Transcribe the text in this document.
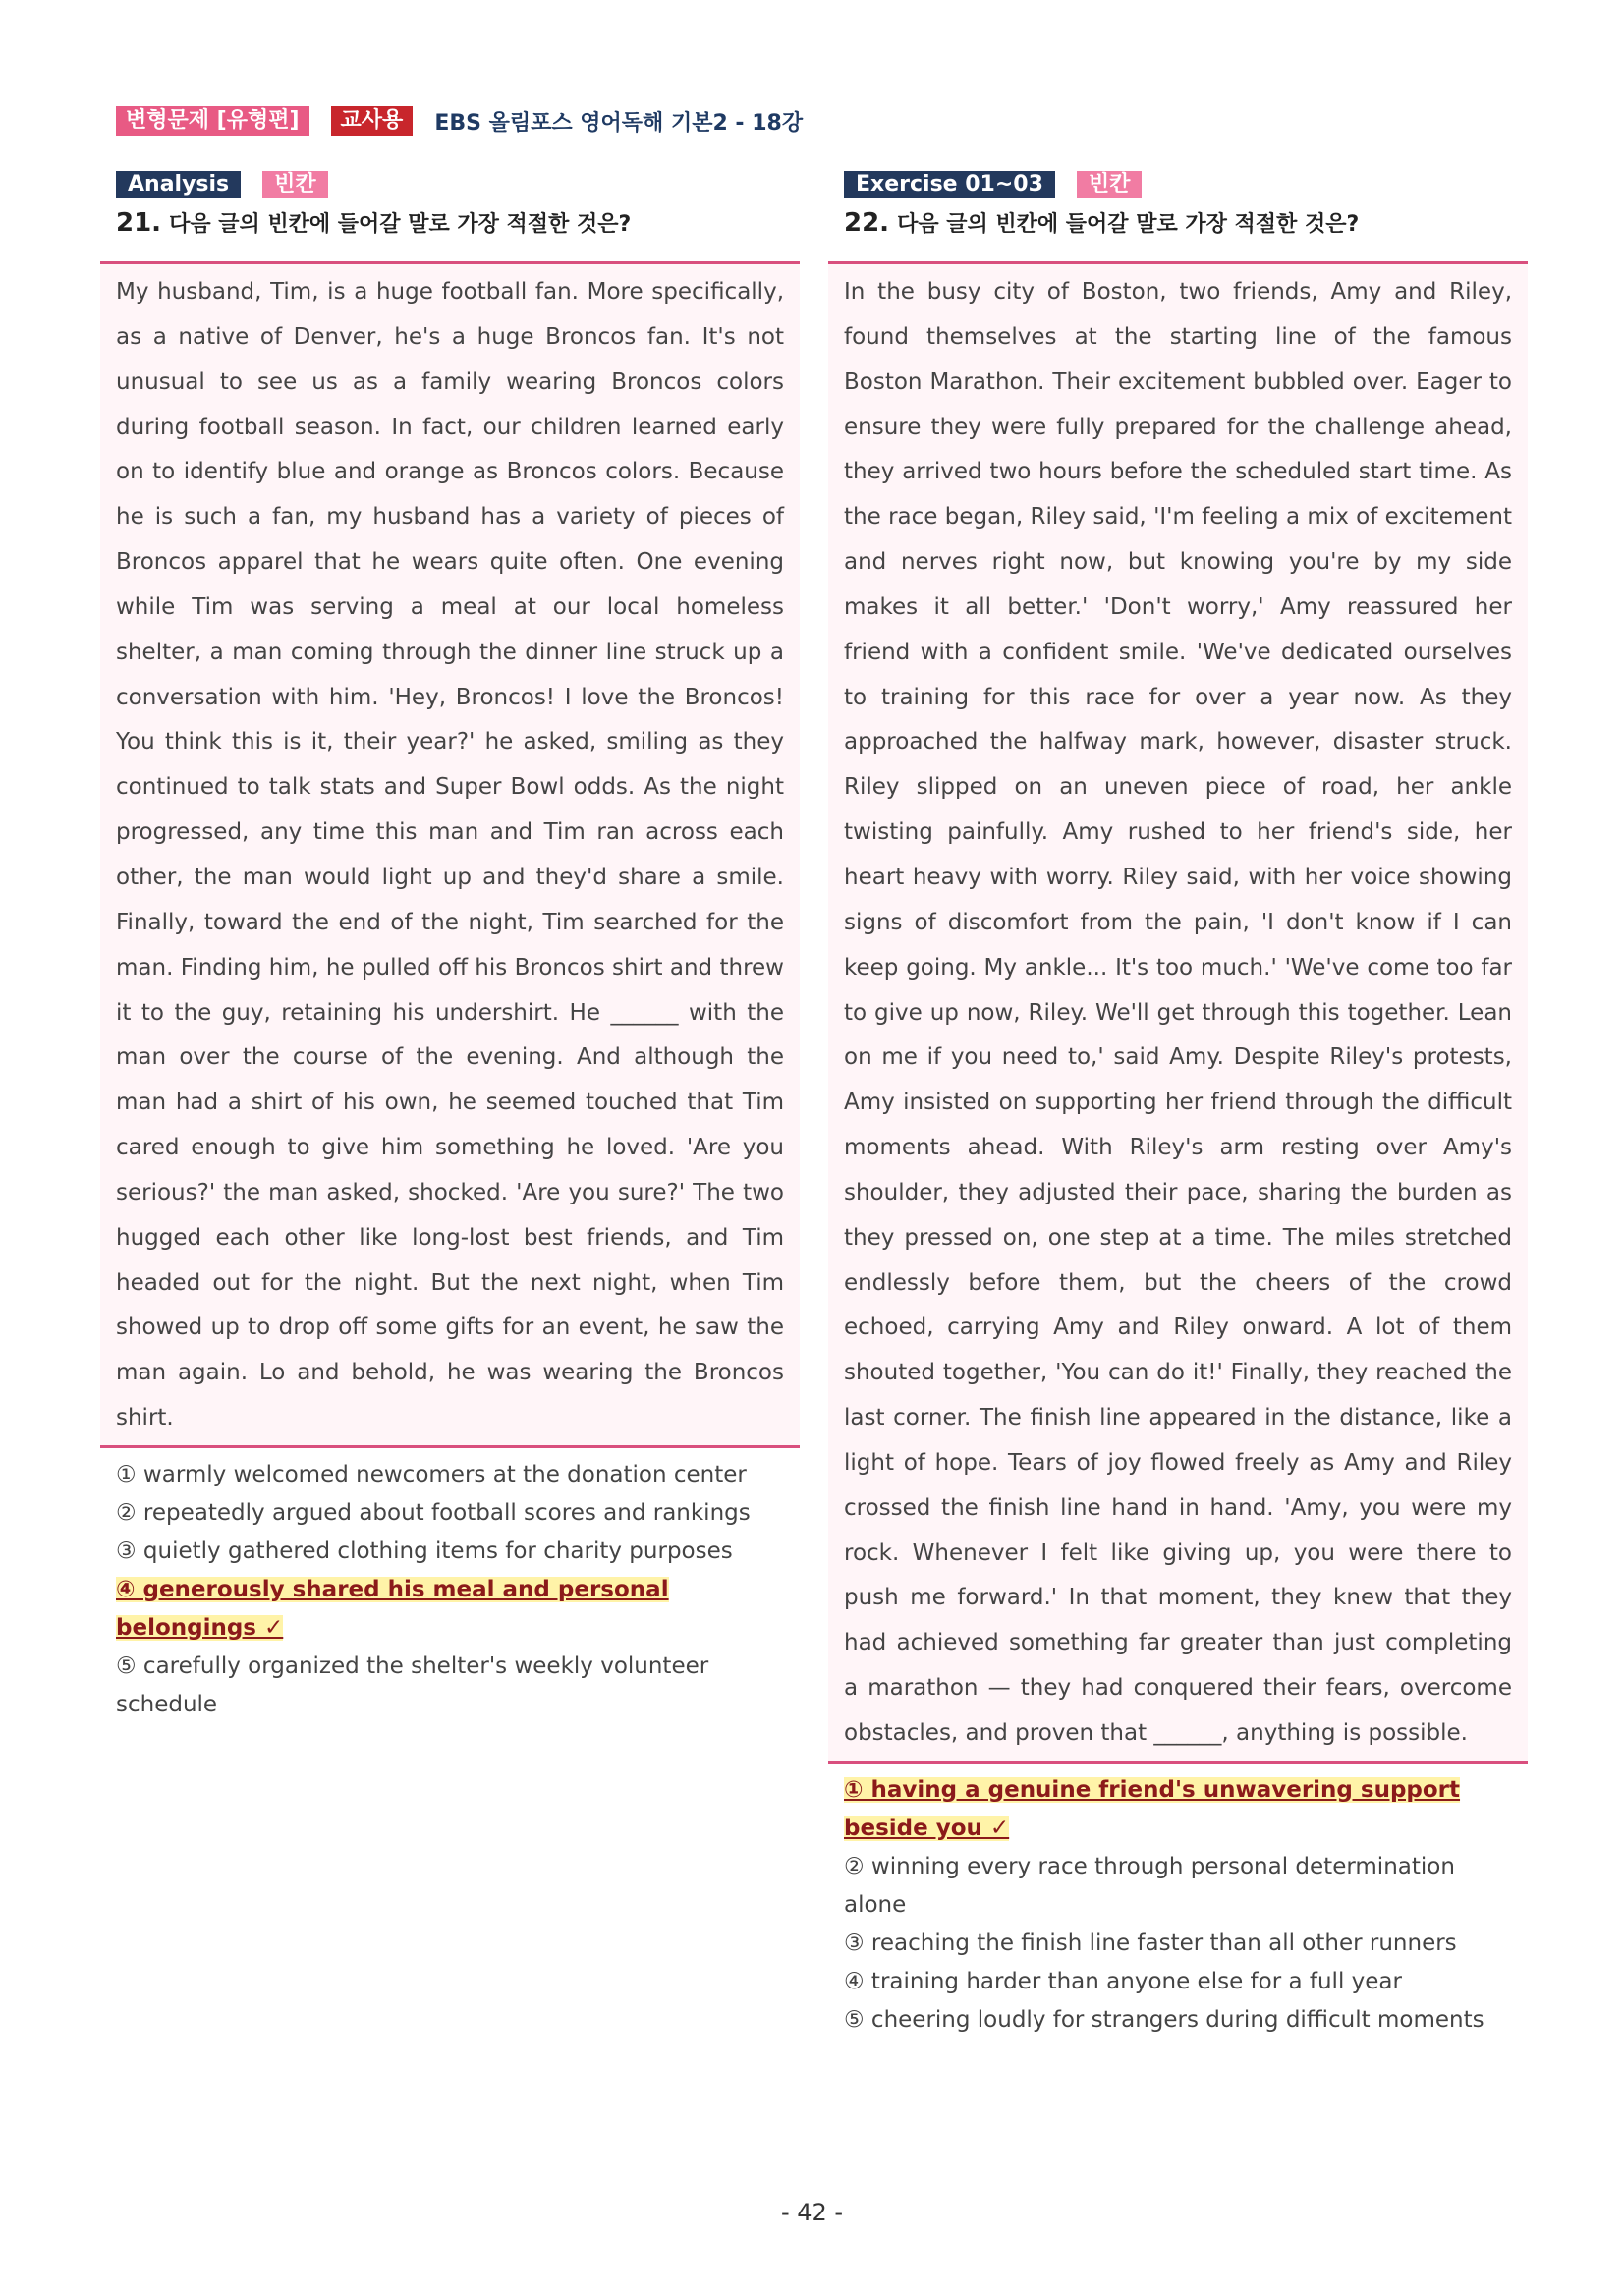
변형문제 [유형편]	교사용	EBS 올림포스 영어독해 기본2 - 18강
Analysis	빈칸
21. 다음 글의 빈칸에 들어갈 말로 가장 적절한 것은?
My husband, Tim, is a huge football fan. More specifically, as a native of Denver, he's a huge Broncos fan. It's not unusual to see us as a family wearing Broncos colors during football season. In fact, our children learned early on to identify blue and orange as Broncos colors. Because he is such a fan, my husband has a variety of pieces of Broncos apparel that he wears quite often. One evening while Tim was serving a meal at our local homeless shelter, a man coming through the dinner line struck up a conversation with him. 'Hey, Broncos! I love the Broncos! You think this is it, their year?' he asked, smiling as they continued to talk stats and Super Bowl odds. As the night progressed, any time this man and Tim ran across each other, the man would light up and they'd share a smile. Finally, toward the end of the night, Tim searched for the man. Finding him, he pulled off his Broncos shirt and threw it to the guy, retaining his undershirt. He ______ with the man over the course of the evening. And although the man had a shirt of his own, he seemed touched that Tim cared enough to give him something he loved. 'Are you serious?' the man asked, shocked. 'Are you sure?' The two hugged each other like long-lost best friends, and Tim headed out for the night. But the next night, when Tim showed up to drop off some gifts for an event, he saw the man again. Lo and behold, he was wearing the Broncos shirt.
① warmly welcomed newcomers at the donation center
② repeatedly argued about football scores and rankings
③ quietly gathered clothing items for charity purposes
④ generously shared his meal and personal belongings ✓
⑤ carefully organized the shelter's weekly volunteer schedule
Exercise 01~03	빈칸
22. 다음 글의 빈칸에 들어갈 말로 가장 적절한 것은?
In the busy city of Boston, two friends, Amy and Riley, found themselves at the starting line of the famous Boston Marathon. Their excitement bubbled over. Eager to ensure they were fully prepared for the challenge ahead, they arrived two hours before the scheduled start time. As the race began, Riley said, 'I'm feeling a mix of excitement and nerves right now, but knowing you're by my side makes it all better.' 'Don't worry,' Amy reassured her friend with a confident smile. 'We've dedicated ourselves to training for this race for over a year now. As they approached the halfway mark, however, disaster struck. Riley slipped on an uneven piece of road, her ankle twisting painfully. Amy rushed to her friend's side, her heart heavy with worry. Riley said, with her voice showing signs of discomfort from the pain, 'I don't know if I can keep going. My ankle... It's too much.' 'We've come too far to give up now, Riley. We'll get through this together. Lean on me if you need to,' said Amy. Despite Riley's protests, Amy insisted on supporting her friend through the difficult moments ahead. With Riley's arm resting over Amy's shoulder, they adjusted their pace, sharing the burden as they pressed on, one step at a time. The miles stretched endlessly before them, but the cheers of the crowd echoed, carrying Amy and Riley onward. A lot of them shouted together, 'You can do it!' Finally, they reached the last corner. The finish line appeared in the distance, like a light of hope. Tears of joy flowed freely as Amy and Riley crossed the finish line hand in hand. 'Amy, you were my rock. Whenever I felt like giving up, you were there to push me forward.' In that moment, they knew that they had achieved something far greater than just completing a marathon — they had conquered their fears, overcome obstacles, and proven that ______, anything is possible.
① having a genuine friend's unwavering support beside you ✓
② winning every race through personal determination alone
③ reaching the finish line faster than all other runners
④ training harder than anyone else for a full year
⑤ cheering loudly for strangers during difficult moments
- 42 -
